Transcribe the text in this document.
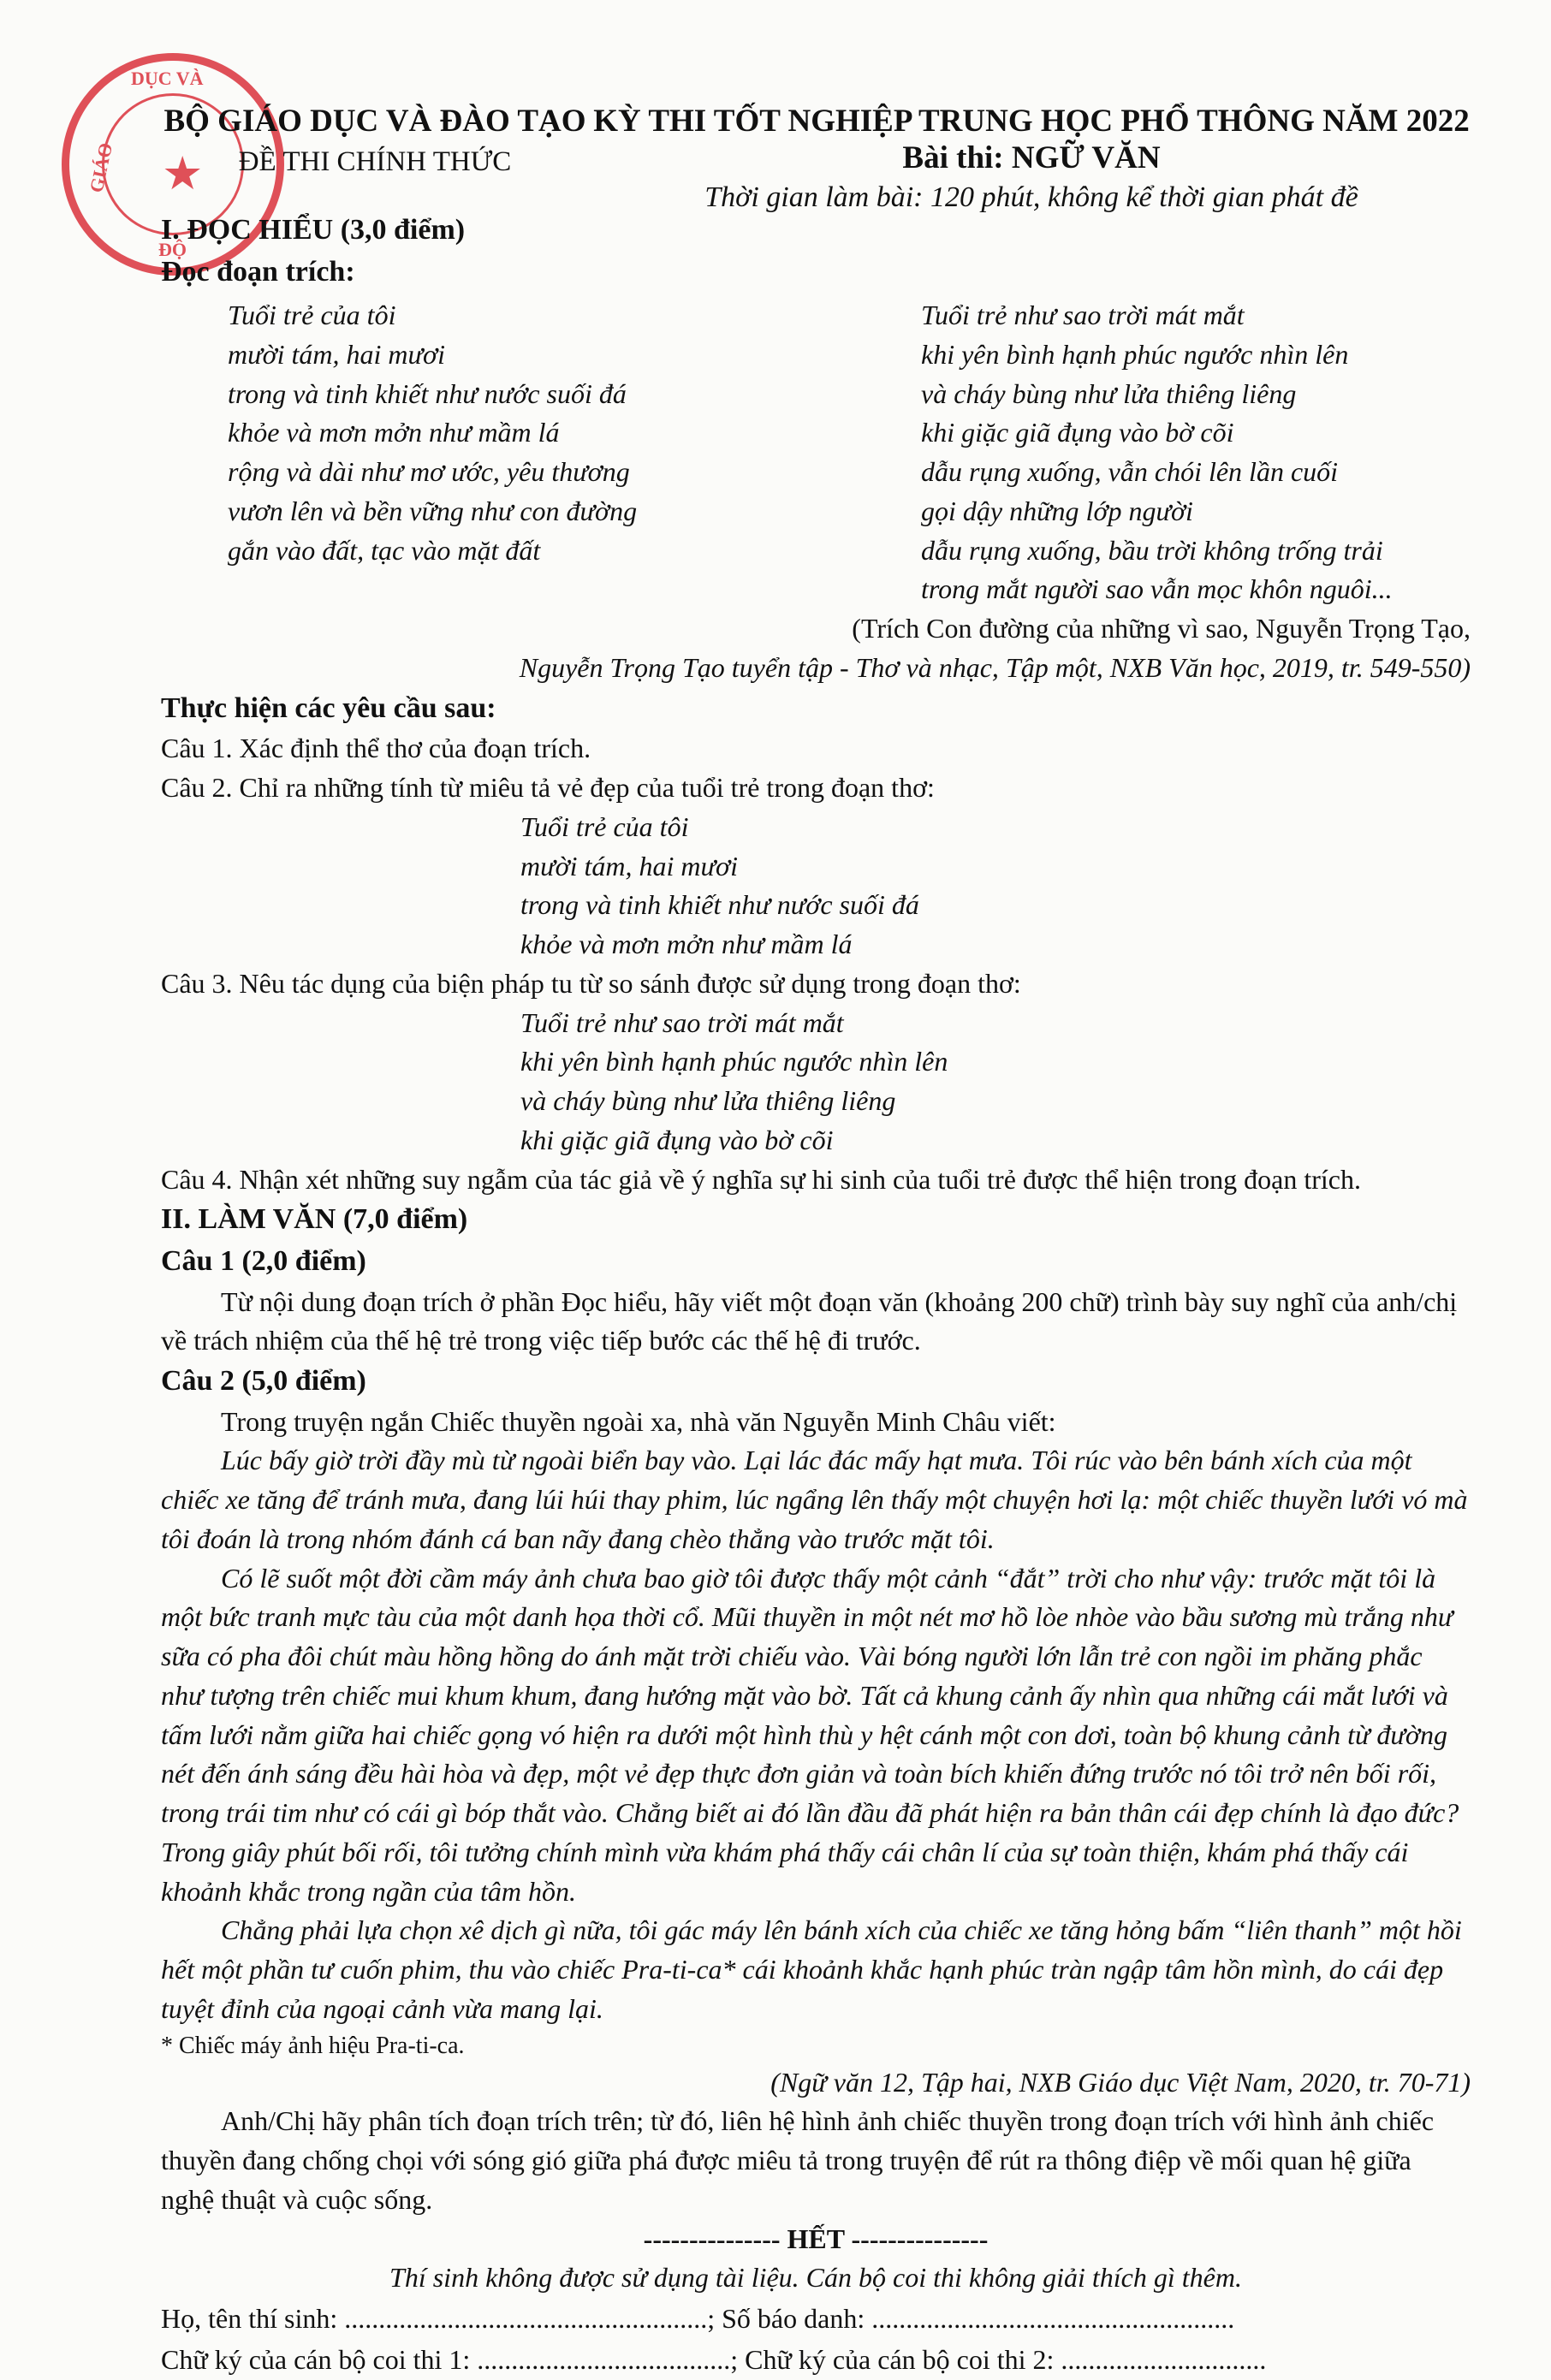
DỤC VÀ
GIÁO
ĐỘ
★
BỘ GIÁO DỤC VÀ ĐÀO TẠO
ĐỀ THI CHÍNH THỨC
KỲ THI TỐT NGHIỆP TRUNG HỌC PHỔ THÔNG NĂM 2022
Bài thi: NGỮ VĂN
Thời gian làm bài: 120 phút, không kể thời gian phát đề
I. ĐỌC HIỂU (3,0 điểm)
Đọc đoạn trích:
Tuổi trẻ của tôi
mười tám, hai mươi
trong và tinh khiết như nước suối đá
khỏe và mơn mởn như mầm lá
rộng và dài như mơ ước, yêu thương
vươn lên và bền vững như con đường
gắn vào đất, tạc vào mặt đất
Tuổi trẻ như sao trời mát mắt
khi yên bình hạnh phúc ngước nhìn lên
và cháy bùng như lửa thiêng liêng
khi giặc giã đụng vào bờ cõi
dẫu rụng xuống, vẫn chói lên lần cuối
gọi dậy những lớp người
dẫu rụng xuống, bầu trời không trống trải
trong mắt người sao vẫn mọc khôn nguôi...
(Trích Con đường của những vì sao, Nguyễn Trọng Tạo,
Nguyễn Trọng Tạo tuyển tập - Thơ và nhạc, Tập một, NXB Văn học, 2019, tr. 549-550)
Thực hiện các yêu cầu sau:
Câu 1. Xác định thể thơ của đoạn trích.
Câu 2. Chỉ ra những tính từ miêu tả vẻ đẹp của tuổi trẻ trong đoạn thơ:
Tuổi trẻ của tôi
mười tám, hai mươi
trong và tinh khiết như nước suối đá
khỏe và mơn mởn như mầm lá
Câu 3. Nêu tác dụng của biện pháp tu từ so sánh được sử dụng trong đoạn thơ:
Tuổi trẻ như sao trời mát mắt
khi yên bình hạnh phúc ngước nhìn lên
và cháy bùng như lửa thiêng liêng
khi giặc giã đụng vào bờ cõi
Câu 4. Nhận xét những suy ngẫm của tác giả về ý nghĩa sự hi sinh của tuổi trẻ được thể hiện trong đoạn trích.
II. LÀM VĂN (7,0 điểm)
Câu 1 (2,0 điểm)
Từ nội dung đoạn trích ở phần Đọc hiểu, hãy viết một đoạn văn (khoảng 200 chữ) trình bày suy nghĩ của anh/chị về trách nhiệm của thế hệ trẻ trong việc tiếp bước các thế hệ đi trước.
Câu 2 (5,0 điểm)
Trong truyện ngắn Chiếc thuyền ngoài xa, nhà văn Nguyễn Minh Châu viết:
Lúc bấy giờ trời đầy mù từ ngoài biển bay vào. Lại lác đác mấy hạt mưa. Tôi rúc vào bên bánh xích của một chiếc xe tăng để tránh mưa, đang lúi húi thay phim, lúc ngẩng lên thấy một chuyện hơi lạ: một chiếc thuyền lưới vó mà tôi đoán là trong nhóm đánh cá ban nãy đang chèo thẳng vào trước mặt tôi.
Có lẽ suốt một đời cầm máy ảnh chưa bao giờ tôi được thấy một cảnh “đắt” trời cho như vậy: trước mặt tôi là một bức tranh mực tàu của một danh họa thời cổ. Mũi thuyền in một nét mơ hồ lòe nhòe vào bầu sương mù trắng như sữa có pha đôi chút màu hồng hồng do ánh mặt trời chiếu vào. Vài bóng người lớn lẫn trẻ con ngồi im phăng phắc như tượng trên chiếc mui khum khum, đang hướng mặt vào bờ. Tất cả khung cảnh ấy nhìn qua những cái mắt lưới và tấm lưới nằm giữa hai chiếc gọng vó hiện ra dưới một hình thù y hệt cánh một con dơi, toàn bộ khung cảnh từ đường nét đến ánh sáng đều hài hòa và đẹp, một vẻ đẹp thực đơn giản và toàn bích khiến đứng trước nó tôi trở nên bối rối, trong trái tim như có cái gì bóp thắt vào. Chẳng biết ai đó lần đầu đã phát hiện ra bản thân cái đẹp chính là đạo đức? Trong giây phút bối rối, tôi tưởng chính mình vừa khám phá thấy cái chân lí của sự toàn thiện, khám phá thấy cái khoảnh khắc trong ngần của tâm hồn.
Chẳng phải lựa chọn xê dịch gì nữa, tôi gác máy lên bánh xích của chiếc xe tăng hỏng bấm “liên thanh” một hồi hết một phần tư cuốn phim, thu vào chiếc Pra-ti-ca* cái khoảnh khắc hạnh phúc tràn ngập tâm hồn mình, do cái đẹp tuyệt đỉnh của ngoại cảnh vừa mang lại.
* Chiếc máy ảnh hiệu Pra-ti-ca.
(Ngữ văn 12, Tập hai, NXB Giáo dục Việt Nam, 2020, tr. 70-71)
Anh/Chị hãy phân tích đoạn trích trên; từ đó, liên hệ hình ảnh chiếc thuyền trong đoạn trích với hình ảnh chiếc thuyền đang chống chọi với sóng gió giữa phá được miêu tả trong truyện để rút ra thông điệp về mối quan hệ giữa nghệ thuật và cuộc sống.
--------------- HẾT ---------------
Thí sinh không được sử dụng tài liệu. Cán bộ coi thi không giải thích gì thêm.
Họ, tên thí sinh: .....................................................; Số báo danh: .....................................................
Chữ ký của cán bộ coi thi 1: .....................................; Chữ ký của cán bộ coi thi 2: ..............................
